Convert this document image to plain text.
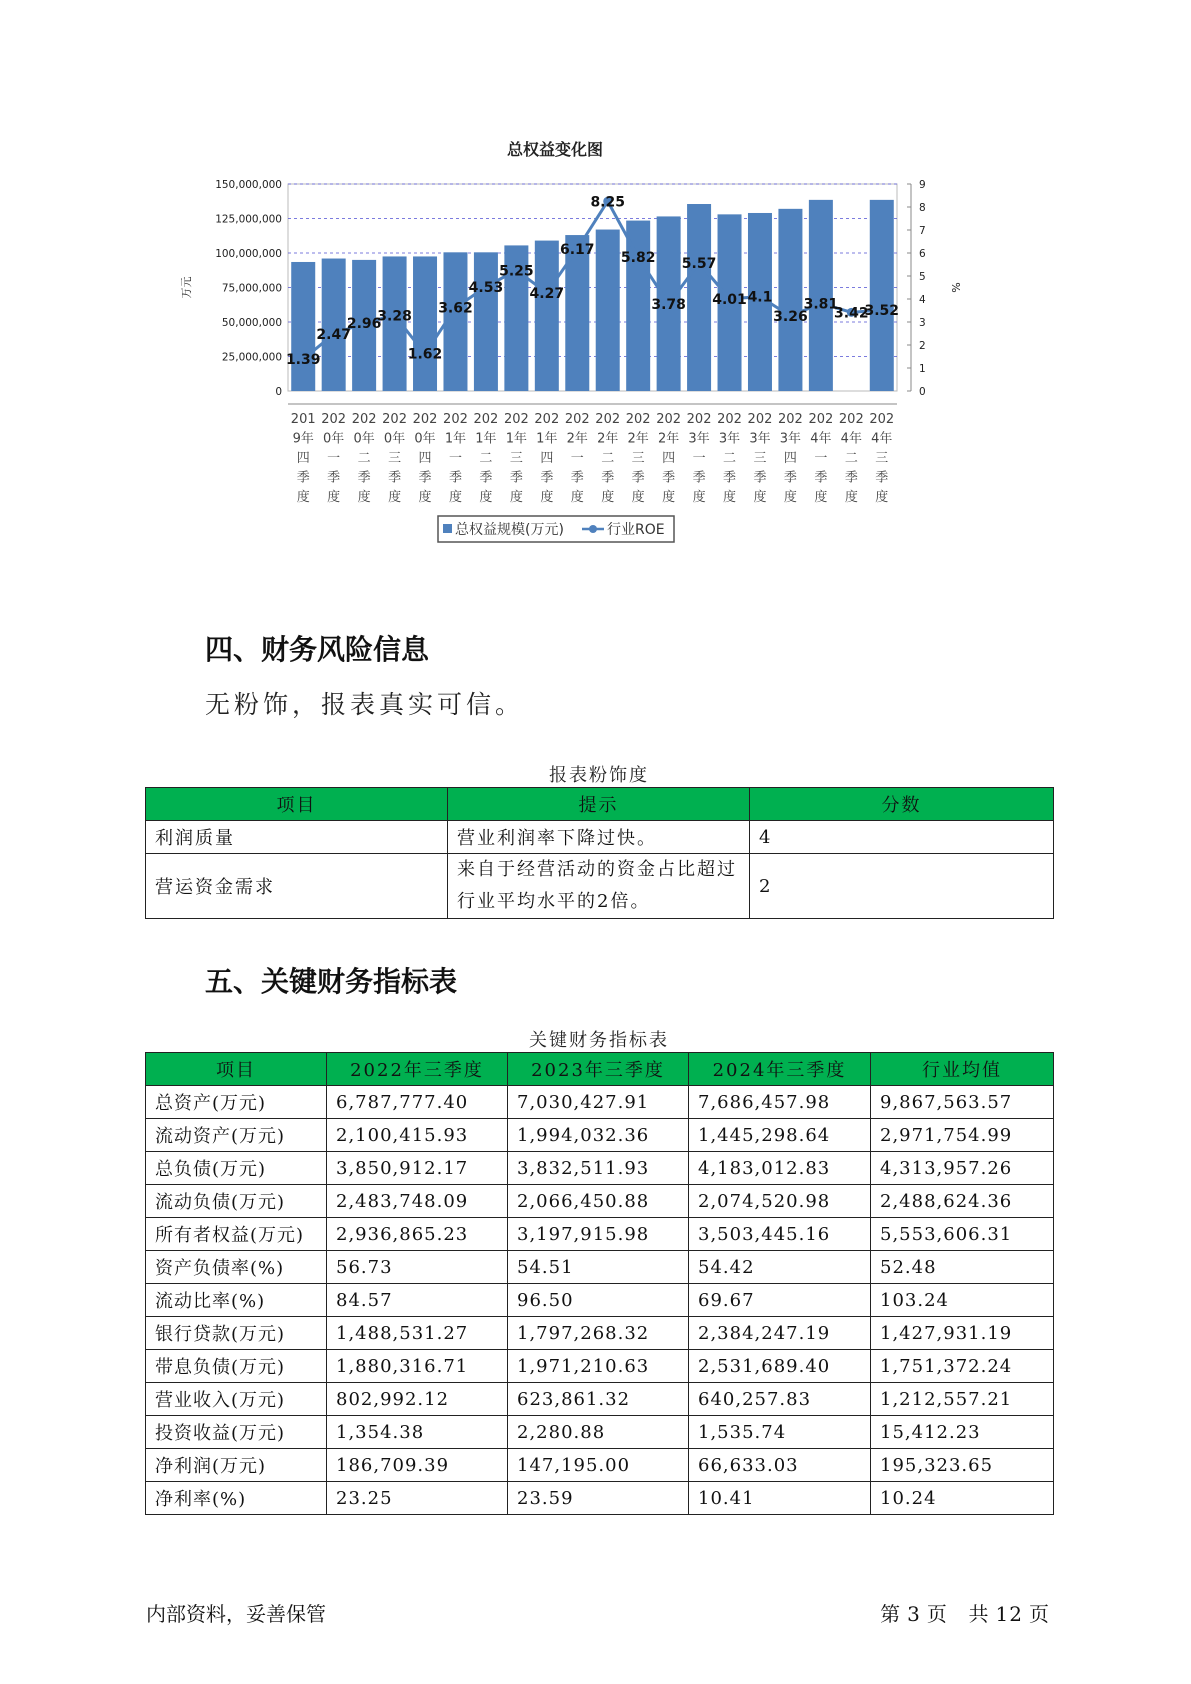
总权益变化图
0
25,000,000
50,000,000
75,000,000
100,000,000
125,000,000
150,000,000
万元
0
1
2
3
4
5
6
7
8
9
%
1.39
2.47
2.96
3.28
1.62
3.62
4.53
5.25
4.27
6.17
8.25
5.82
3.78
5.57
4.01 4.1
3.26
3.81
3.42
3.52
201
9年
四
季
度
202
0年
一
季
度
202
0年
二
季
度
202
0年
三
季
度
202
0年
四
季
度
202
1年
一
季
度
202
1年
二
季
度
202
1年
三
季
度
202
1年
四
季
度
202
2年
一
季
度
202
2年
二
季
度
202
2年
三
季
度
202
2年
四
季
度
202
3年
一
季
度
202
3年
二
季
度
202
3年
三
季
度
202
3年
四
季
度
202
4年
一
季
度
202
4年
二
季
度
202
4年
三
季
度
总权益规模(万元)	行业ROE
四、财务风险信息

无粉饰，报表真实可信。

报表粉饰度
项目	提示	分数
利润质量	营业利润率下降过快。	4
营运资金需求	来自于经营活动的资金占比超过行业平均水平的2倍。	2
五、关键财务指标表
关键财务指标表
项目	2022年三季度	2023年三季度	2024年三季度	行业均值
总资产(万元)	6,787,777.40	7,030,427.91	7,686,457.98	9,867,563.57
流动资产(万元)	2,100,415.93	1,994,032.36	1,445,298.64	2,971,754.99
总负债(万元)	3,850,912.17	3,832,511.93	4,183,012.83	4,313,957.26
流动负债(万元)	2,483,748.09	2,066,450.88	2,074,520.98	2,488,624.36
所有者权益(万元)	2,936,865.23	3,197,915.98	3,503,445.16	5,553,606.31
资产负债率(%)	56.73	54.51	54.42	52.48
流动比率(%)	84.57	96.50	69.67	103.24
银行贷款(万元)	1,488,531.27	1,797,268.32	2,384,247.19	1,427,931.19
带息负债(万元)	1,880,316.71	1,971,210.63	2,531,689.40	1,751,372.24
营业收入(万元)	802,992.12	623,861.32	640,257.83	1,212,557.21
投资收益(万元)	1,354.38	2,280.88	1,535.74	15,412.23
净利润(万元)	186,709.39	147,195.00	66,633.03	195,323.65
净利率(%)	23.25	23.59	10.41	10.24
内部资料，妥善保管	第 3 页 共 12 页
